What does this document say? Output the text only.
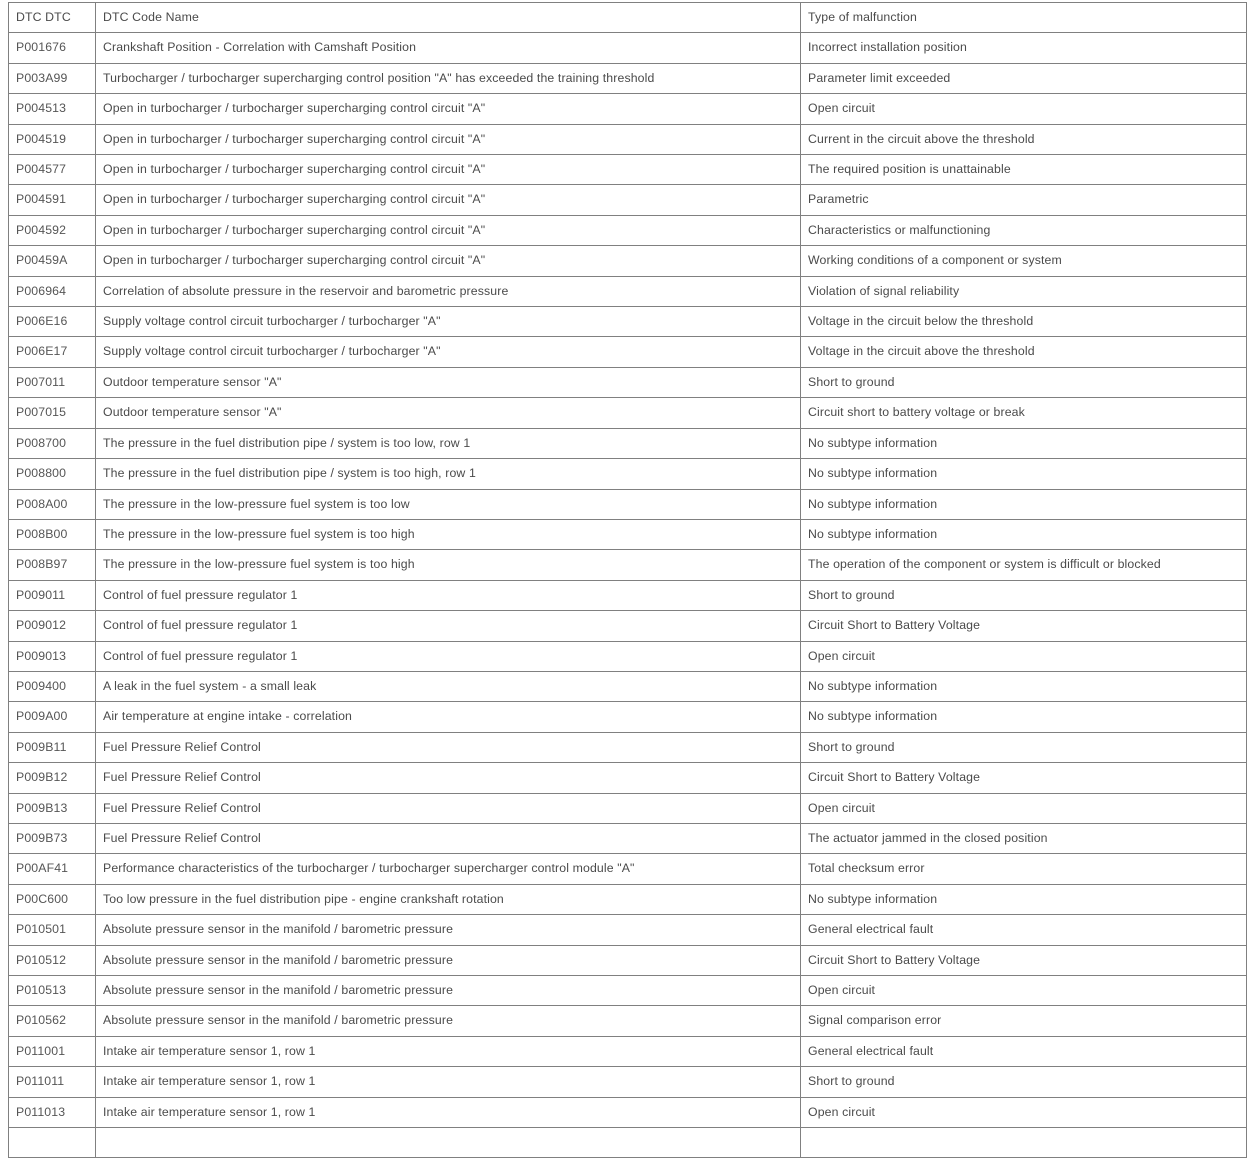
DTC DTC	DTC Code Name	Type of malfunction
P001676	Crankshaft Position - Correlation with Camshaft Position	Incorrect installation position
P003A99	Turbocharger / turbocharger supercharging control position "A" has exceeded the training threshold	Parameter limit exceeded
P004513	Open in turbocharger / turbocharger supercharging control circuit "A"	Open circuit
P004519	Open in turbocharger / turbocharger supercharging control circuit "A"	Current in the circuit above the threshold
P004577	Open in turbocharger / turbocharger supercharging control circuit "A"	The required position is unattainable
P004591	Open in turbocharger / turbocharger supercharging control circuit "A"	Parametric
P004592	Open in turbocharger / turbocharger supercharging control circuit "A"	Characteristics or malfunctioning
P00459A	Open in turbocharger / turbocharger supercharging control circuit "A"	Working conditions of a component or system
P006964	Correlation of absolute pressure in the reservoir and barometric pressure	Violation of signal reliability
P006E16	Supply voltage control circuit turbocharger / turbocharger "A"	Voltage in the circuit below the threshold
P006E17	Supply voltage control circuit turbocharger / turbocharger "A"	Voltage in the circuit above the threshold
P007011	Outdoor temperature sensor "A"	Short to ground
P007015	Outdoor temperature sensor "A"	Circuit short to battery voltage or break
P008700	The pressure in the fuel distribution pipe / system is too low, row 1	No subtype information
P008800	The pressure in the fuel distribution pipe / system is too high, row 1	No subtype information
P008A00	The pressure in the low-pressure fuel system is too low	No subtype information
P008B00	The pressure in the low-pressure fuel system is too high	No subtype information
P008B97	The pressure in the low-pressure fuel system is too high	The operation of the component or system is difficult or blocked
P009011	Control of fuel pressure regulator 1	Short to ground
P009012	Control of fuel pressure regulator 1	Circuit Short to Battery Voltage
P009013	Control of fuel pressure regulator 1	Open circuit
P009400	A leak in the fuel system - a small leak	No subtype information
P009A00	Air temperature at engine intake - correlation	No subtype information
P009B11	Fuel Pressure Relief Control	Short to ground
P009B12	Fuel Pressure Relief Control	Circuit Short to Battery Voltage
P009B13	Fuel Pressure Relief Control	Open circuit
P009B73	Fuel Pressure Relief Control	The actuator jammed in the closed position
P00AF41	Performance characteristics of the turbocharger / turbocharger supercharger control module "A"	Total checksum error
P00C600	Too low pressure in the fuel distribution pipe - engine crankshaft rotation	No subtype information
P010501	Absolute pressure sensor in the manifold / barometric pressure	General electrical fault
P010512	Absolute pressure sensor in the manifold / barometric pressure	Circuit Short to Battery Voltage
P010513	Absolute pressure sensor in the manifold / barometric pressure	Open circuit
P010562	Absolute pressure sensor in the manifold / barometric pressure	Signal comparison error
P011001	Intake air temperature sensor 1, row 1	General electrical fault
P011011	Intake air temperature sensor 1, row 1	Short to ground
P011013	Intake air temperature sensor 1, row 1	Open circuit
